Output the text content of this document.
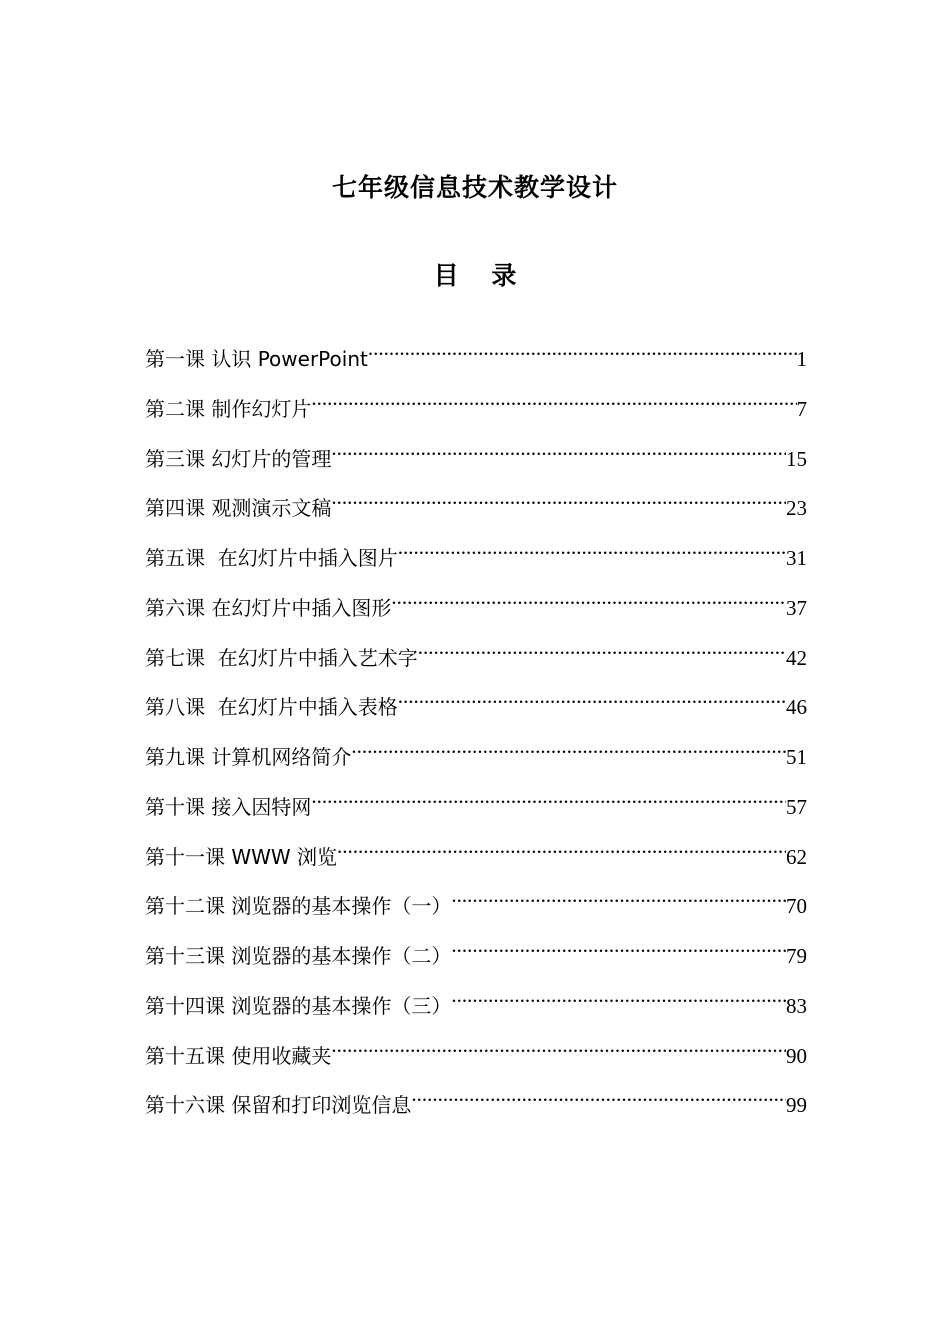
七年级信息技术教学设计
目 录
第一课 认识 PowerPoint .....	1
第二课 制作幻灯片 .....	7
第三课 幻灯片的管理 .....	15
第四课 观测演示文稿 .....	23
第五课  在幻灯片中插入图片 .....	31
第六课 在幻灯片中插入图形 .....	37
第七课  在幻灯片中插入艺术字 .....	42
第八课  在幻灯片中插入表格 .....	46
第九课 计算机网络简介 .....	51
第十课 接入因特网 .....	57
第十一课 WWW 浏览 .....	62
第十二课 浏览器的基本操作（一） .....	70
第十三课 浏览器的基本操作（二） .....	79
第十四课 浏览器的基本操作（三） .....	83
第十五课 使用收藏夹 .....	90
第十六课 保留和打印浏览信息 .....	99
